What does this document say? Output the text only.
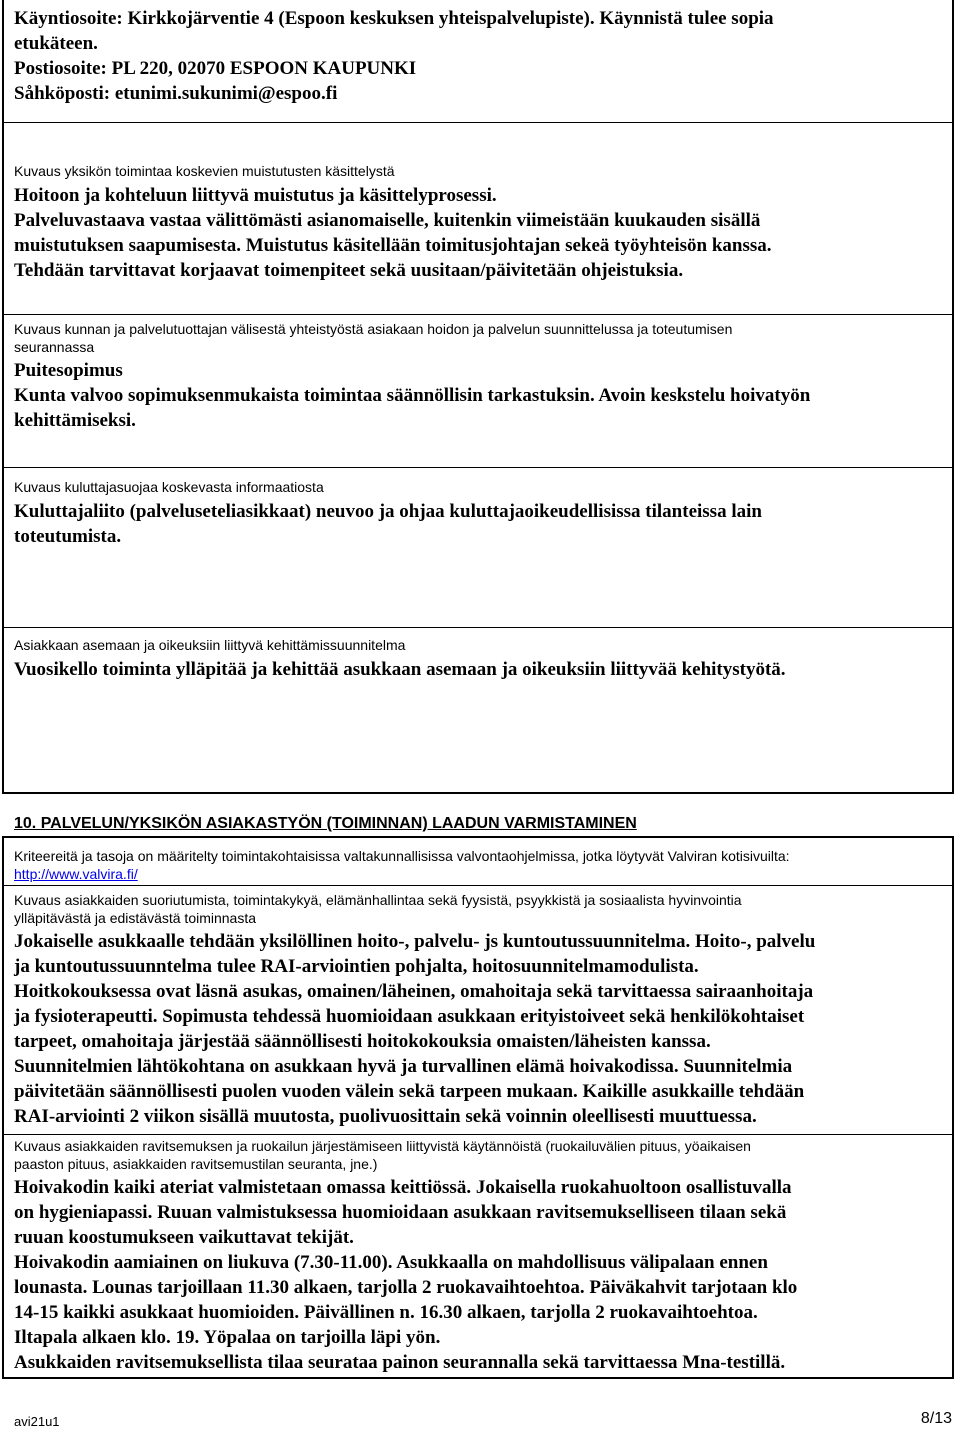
Käyntiosoite: Kirkkojärventie 4 (Espoon keskuksen yhteispalvelupiste). Käynnistä tulee sopia

etukäteen.

Postiosoite: PL 220, 02070 ESPOON KAUPUNKI

Såhköposti: etunimi.sukunimi@espoo.fi

Kuvaus yksikön toimintaa koskevien muistutusten käsittelystä

Hoitoon ja kohteluun liittyvä muistutus ja käsittelyprosessi.

Palveluvastaava vastaa välittömästi asianomaiselle, kuitenkin viimeistään kuukauden sisällä

muistutuksen saapumisesta. Muistutus käsitellään toimitusjohtajan sekeä työyhteisön kanssa.

Tehdään tarvittavat korjaavat toimenpiteet sekä uusitaan/päivitetään ohjeistuksia.

Kuvaus kunnan ja palvelutuottajan välisestä yhteistyöstä asiakaan hoidon ja palvelun suunnittelussa ja toteutumisen

seurannassa

Puitesopimus

Kunta valvoo sopimuksenmukaista toimintaa säännöllisin tarkastuksin. Avoin keskstelu hoivatyön

kehittämiseksi.

Kuvaus kuluttajasuojaa koskevasta informaatiosta

Kuluttajaliito (palveluseteliasikkaat) neuvoo ja ohjaa kuluttajaoikeudellisissa tilanteissa lain

toteutumista.

Asiakkaan asemaan ja oikeuksiin liittyvä kehittämissuunnitelma

Vuosikello toiminta ylläpitää ja kehittää asukkaan asemaan ja oikeuksiin liittyvää kehitystyötä.

10. PALVELUN/YKSIKÖN ASIAKASTYÖN (TOIMINNAN) LAADUN VARMISTAMINEN

Kriteereitä ja tasoja on määritelty toimintakohtaisissa valtakunnallisissa valvontaohjelmissa, jotka löytyvät Valviran kotisivuilta:

http://www.valvira.fi/

Kuvaus asiakkaiden suoriutumista, toimintakykyä, elämänhallintaa sekä fyysistä, psyykkistä ja sosiaalista hyvinvointia

ylläpitävästä ja edistävästä toiminnasta

Jokaiselle asukkaalle tehdään yksilöllinen hoito-, palvelu- js kuntoutussuunnitelma. Hoito-, palvelu

ja kuntoutussuunntelma tulee RAI-arviointien pohjalta, hoitosuunnitelmamodulista.

Hoitkokouksessa ovat läsnä asukas, omainen/läheinen, omahoitaja sekä tarvittaessa sairaanhoitaja

ja fysioterapeutti. Sopimusta tehdessä huomioidaan asukkaan erityistoiveet sekä henkilökohtaiset

tarpeet, omahoitaja järjestää säännöllisesti hoitokokouksia omaisten/läheisten kanssa.

Suunnitelmien lähtökohtana on asukkaan hyvä ja turvallinen elämä hoivakodissa. Suunnitelmia

päivitetään säännöllisesti puolen vuoden välein sekä tarpeen mukaan. Kaikille asukkaille tehdään

RAI-arviointi 2 viikon sisällä muutosta, puolivuosittain sekä voinnin oleellisesti muuttuessa.

Kuvaus asiakkaiden ravitsemuksen ja ruokailun järjestämiseen liittyvistä käytännöistä (ruokailuvälien pituus, yöaikaisen

paaston pituus, asiakkaiden ravitsemustilan seuranta, jne.)

Hoivakodin kaiki ateriat valmistetaan omassa keittiössä. Jokaisella ruokahuoltoon osallistuvalla

on hygieniapassi. Ruuan valmistuksessa huomioidaan asukkaan ravitsemukselliseen tilaan sekä

ruuan koostumukseen vaikuttavat tekijät.

Hoivakodin aamiainen on liukuva (7.30-11.00). Asukkaalla on mahdollisuus välipalaan ennen

lounasta. Lounas tarjoillaan 11.30 alkaen, tarjolla 2 ruokavaihtoehtoa. Päiväkahvit tarjotaan klo

14-15 kaikki asukkaat huomioiden. Päivällinen n. 16.30 alkaen, tarjolla 2 ruokavaihtoehtoa.

Iltapala alkaen klo. 19. Yöpalaa on tarjoilla läpi yön.

Asukkaiden ravitsemuksellista tilaa seurataa painon seurannalla sekä tarvittaessa Mna-testillä.

avi21u1	8/13
